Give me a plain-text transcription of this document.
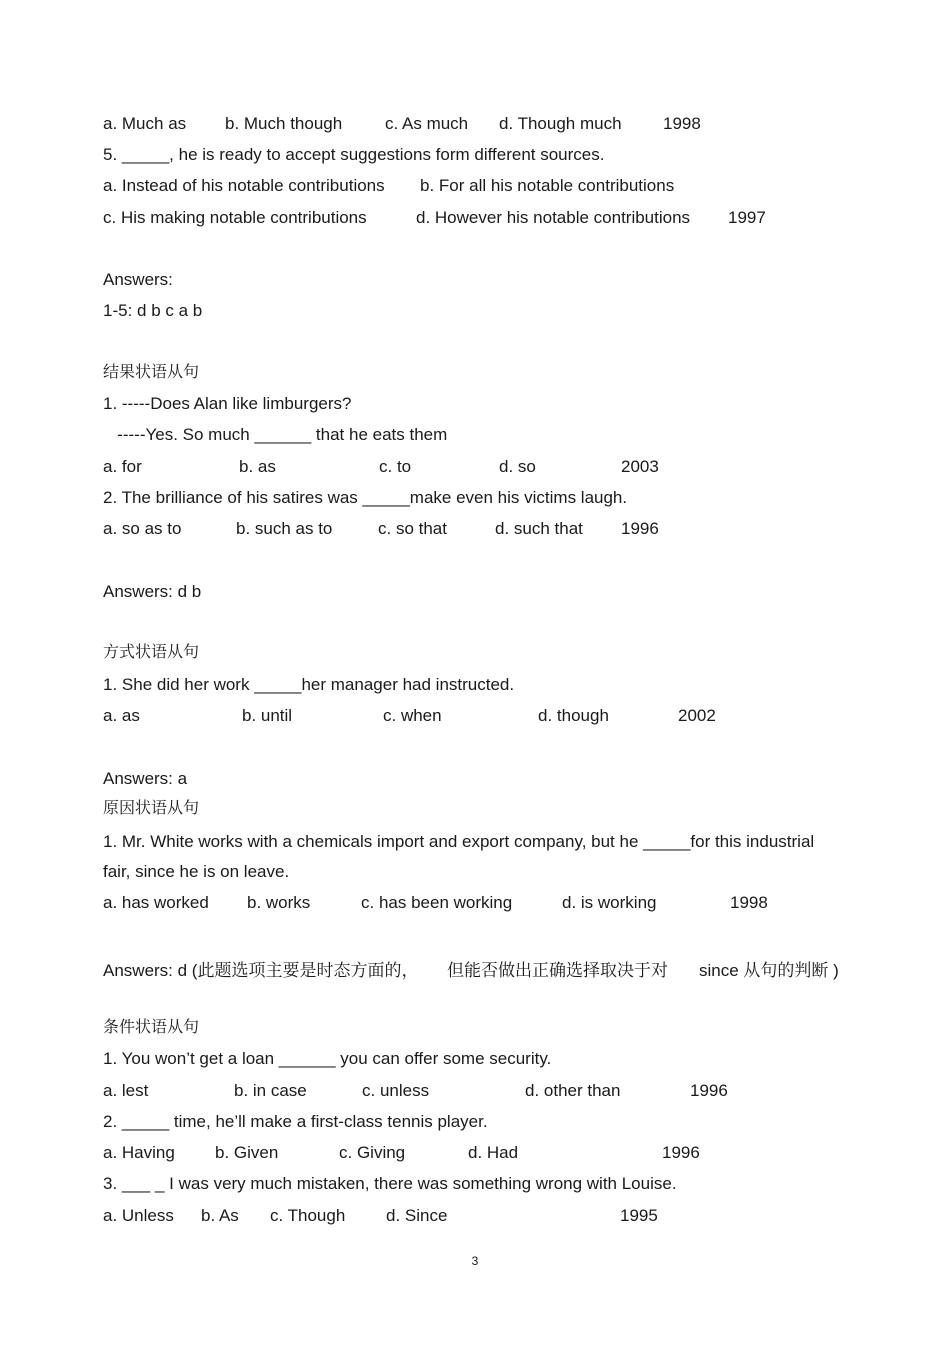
a. Much as b. Much though	c. As much d. Though much 1998
5. _____, he is ready to accept suggestions form different sources.
a. Instead of his notable contributions b. For all his notable contributions
c. His making notable contributions	d. However his notable contributions 1997
Answers:
1-5: d b c a b
结果状语从句
1. -----Does Alan like limburgers?
-----Yes. So much ______ that he eats them
a. for	b. as	c. to	d. so	2003
2. The brilliance of his satires was _____make even his victims laugh.
a. so as to	b. such as to	c. so that	d. such that 1996
Answers: d b
方式状语从句
1. She did her work _____her manager had instructed.
a. as	b. until	c. when	d. though	2002
Answers: a
原因状语从句
1. Mr. White works with a chemicals import and export company, but he _____for this industrial
fair, since he is on leave.
a. has worked b. works	c. has been working	d. is working	1998
Answers: d (此题选项主要是时态方面的， 但能否做出正确选择取决于对 since 从句的判断 )
条件状语从句
1. You won’t get a loan ______ you can offer some security.
a. lest	b. in case	c. unless	d. other than	1996
2. _____ time, he’ll make a first-class tennis player.
a. Having b. Given	c. Giving	d. Had	1996
3. ___ _ I was very much mistaken, there was something wrong with Louise.
a. Unless b. As c. Though d. Since	1995
3
